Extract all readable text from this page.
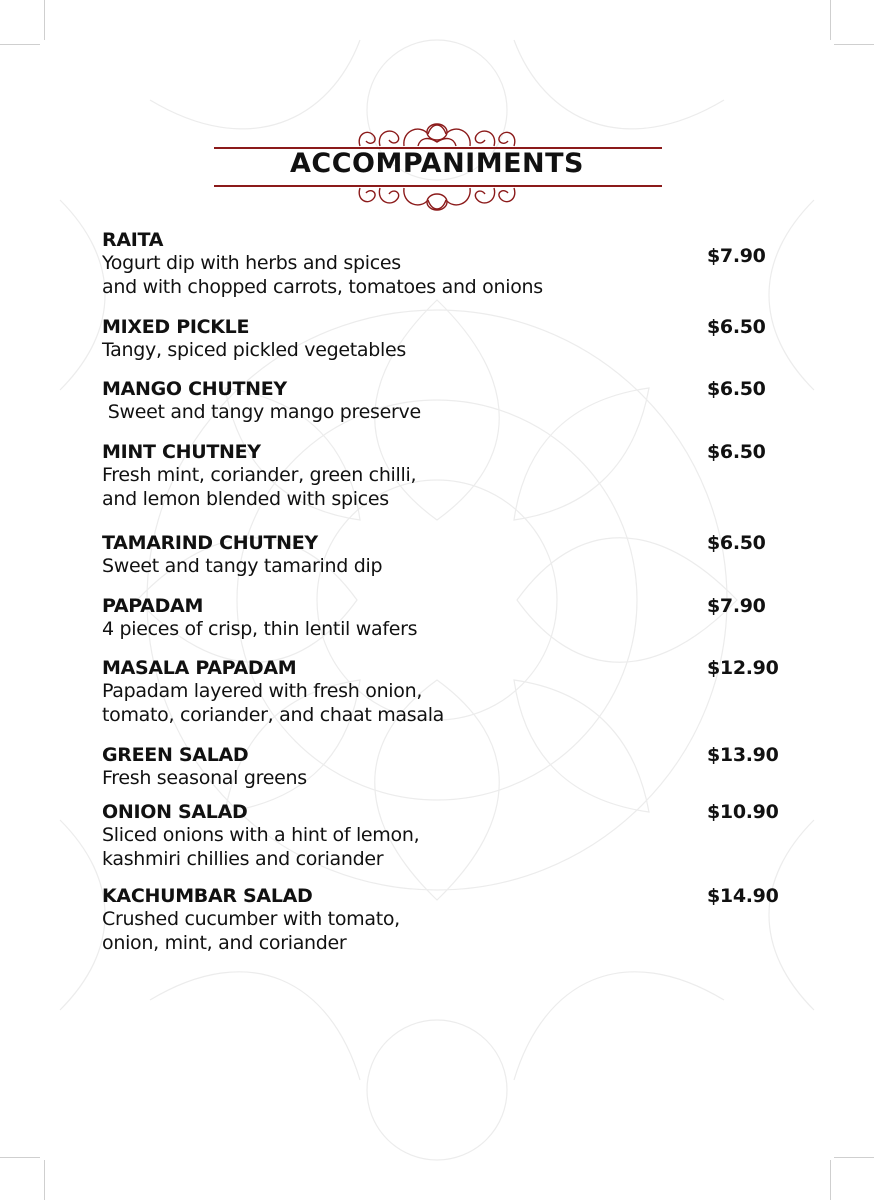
ACCOMPANIMENTS
RAITA
Yogurt dip with herbs and spices
and with chopped carrots, tomatoes and onions
$7.90
MIXED PICKLE
Tangy, spiced pickled vegetables
$6.50
MANGO CHUTNEY
Sweet and tangy mango preserve
$6.50
MINT CHUTNEY
Fresh mint, coriander, green chilli,
and lemon blended with spices
$6.50
TAMARIND CHUTNEY
Sweet and tangy tamarind dip
$6.50
PAPADAM
4 pieces of crisp, thin lentil wafers
$7.90
MASALA PAPADAM
Papadam layered with fresh onion,
tomato, coriander, and chaat masala
$12.90
GREEN SALAD
Fresh seasonal greens
$13.90
ONION SALAD
Sliced onions with a hint of lemon,
kashmiri chillies and coriander
$10.90
KACHUMBAR SALAD
Crushed cucumber with tomato,
onion, mint, and coriander
$14.90
